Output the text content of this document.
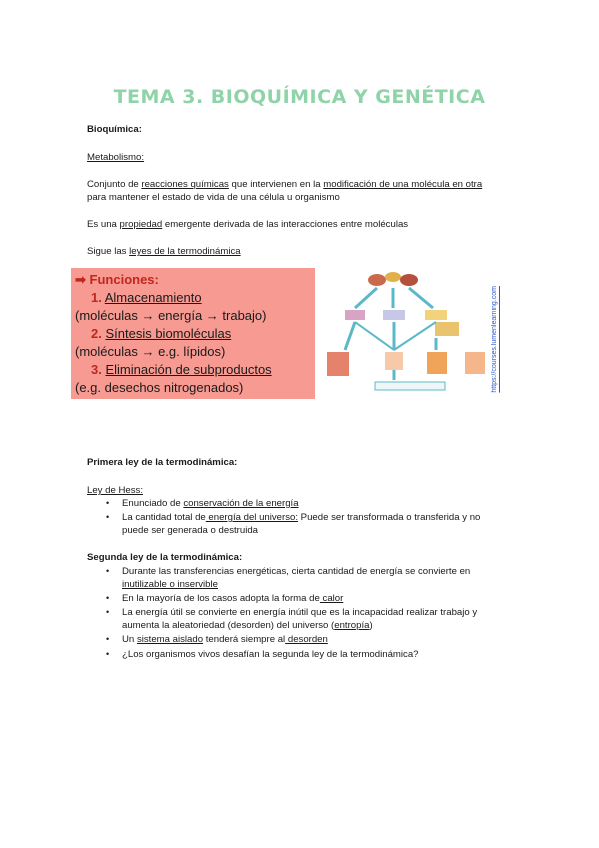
TEMA 3. BIOQUÍMICA Y GENÉTICA
Bioquímica:
Metabolismo:
Conjunto de reacciones químicas que intervienen en la modificación de una molécula en otra
para mantener el estado de vida de una célula u organismo
Es una propiedad emergente derivada de las interacciones entre moléculas
Sigue las leyes de la termodinámica
➡ Funciones:
1. Almacenamiento
(moléculas → energía → trabajo)
2. Síntesis biomoléculas
(moléculas → e.g. lípidos)
3. Eliminación de subproductos
(e.g. desechos nitrogenados)	https://courses.lumenlearning.com
Primera ley de la termodinámica:
Ley de Hess:
• Enunciado de conservación de la energía
• La cantidad total de energía del universo: Puede ser transformada o transferida y no
puede ser generada o destruida
Segunda ley de la termodinámica:
• Durante las transferencias energéticas, cierta cantidad de energía se convierte en
inutilizable o inservible
• En la mayoría de los casos adopta la forma de calor
• La energía útil se convierte en energía inútil que es la incapacidad realizar trabajo y
aumenta la aleatoriedad (desorden) del universo (entropía)
• Un sistema aislado tenderá siempre al desorden
• ¿Los organismos vivos desafían la segunda ley de la termodinámica?
